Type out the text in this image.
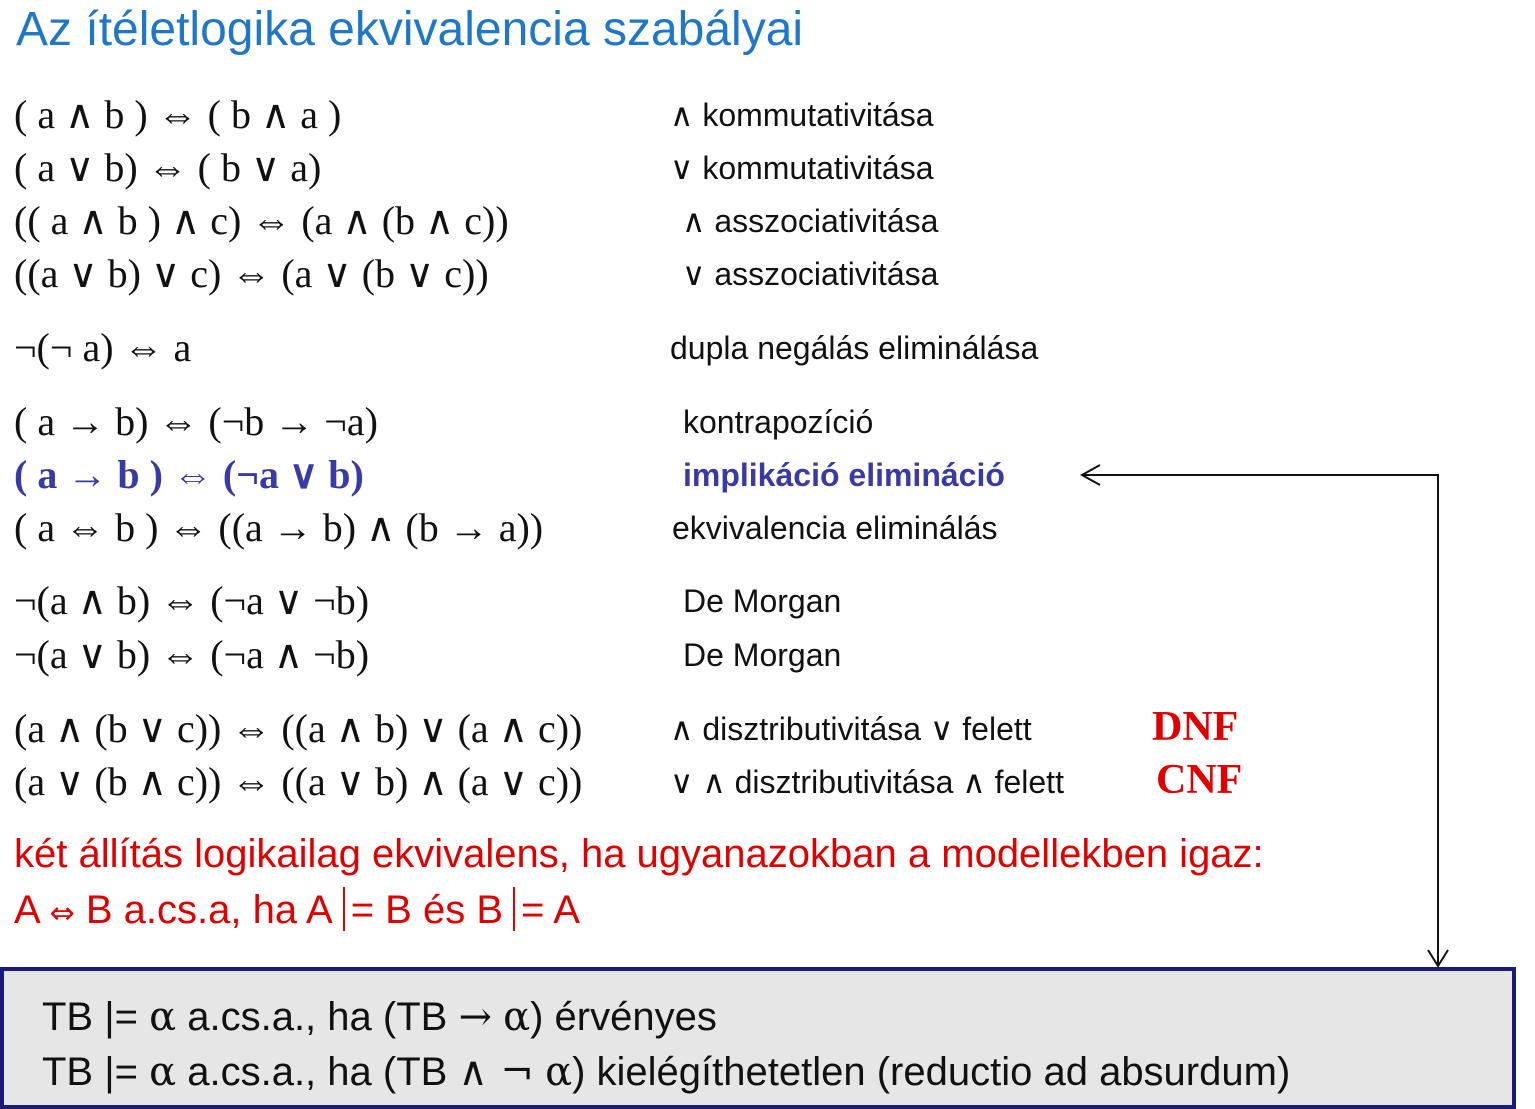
Az ítéletlogika ekvivalencia szabályai
( a ∧ b ) ⇔ ( b ∧ a )
( a ∨ b) ⇔ ( b ∨ a)
(( a ∧ b ) ∧ c) ⇔ (a ∧ (b ∧ c))
((a ∨ b) ∨ c) ⇔ (a ∨ (b ∨ c))
¬(¬ a) ⇔ a
( a → b) ⇔ (¬b → ¬a)
( a → b ) ⇔ (¬a ∨ b)
( a ⇔ b ) ⇔ ((a → b) ∧ (b → a))
¬(a ∧ b) ⇔ (¬a ∨ ¬b)
¬(a ∨ b) ⇔ (¬a ∧ ¬b)
(a ∧ (b ∨ c)) ⇔ ((a ∧ b) ∨ (a ∧ c))
(a ∨ (b ∧ c)) ⇔ ((a ∨ b) ∧ (a ∨ c))
∧ kommutativitása
∨ kommutativitása
∧ asszociativitása
∨ asszociativitása
dupla negálás eliminálása
kontrapozíció
implikáció elimináció
ekvivalencia eliminálás
De Morgan
De Morgan
∧ disztributivitása ∨ felett
∨ ∧ disztributivitása ∧ felett
DNF
CNF
két állítás logikailag ekvivalens, ha ugyanazokban a modellekben igaz:
A ⇔ B a.cs.a, ha A = B és B = A
TB |= α a.cs.a., ha (TB → α) érvényes
TB |= α a.cs.a., ha (TB ∧ ¬ α) kielégíthetetlen (reductio ad absurdum)
